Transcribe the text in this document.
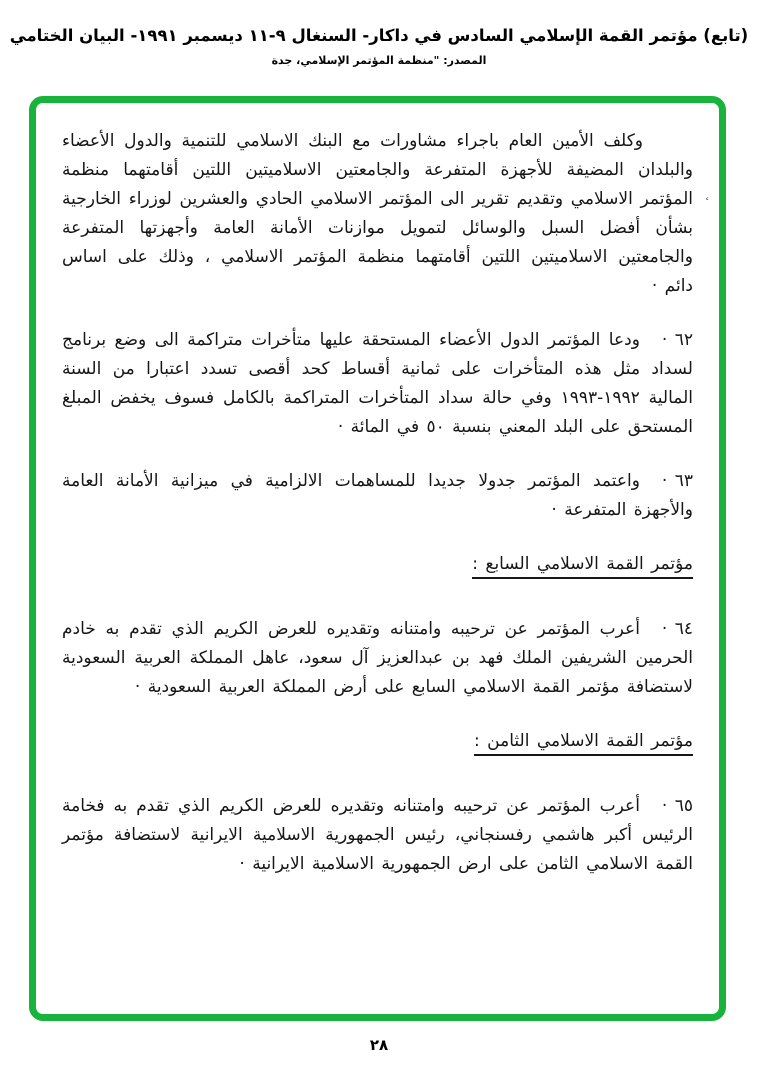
(تابع) مؤتمر القمة الإسلامي السادس في داكار- السنغال ٩-١١ ديسمبر ١٩٩١- البيان الختامي
المصدر: "منظمة المؤتمر الإسلامي، جدة
ٴ

وكلف الأمين العام باجراء مشاورات مع البنك الاسلامي للتنمية والدول الأعضاء والبلدان المضيفة للأجهزة المتفرعة والجامعتين الاسلاميتين اللتين أقامتهما منظمة المؤتمر الاسلامي وتقديم تقرير الى المؤتمر الاسلامي الحادي والعشرين لوزراء الخارجية بشأن أفضل السبل والوسائل لتمويل موازنات الأمانة العامة وأجهزتها المتفرعة والجامعتين الاسلاميتين اللتين أقامتهما منظمة المؤتمر الاسلامي ، وذلك على اساس دائم ·

٦٢ ·ودعا المؤتمر الدول الأعضاء المستحقة عليها متأخرات متراكمة الى وضع برنامج لسداد مثل هذه المتأخرات على ثمانية أقساط كحد أقصى تسدد اعتبارا من السنة المالية ١٩٩٢-١٩٩٣ وفي حالة سداد المتأخرات المتراكمة بالكامل فسوف يخفض المبلغ المستحق على البلد المعني بنسبة ٥٠ في المائة ·

٦٣ ·واعتمد المؤتمر جدولا جديدا للمساهمات الالزامية في ميزانية الأمانة العامة والأجهزة المتفرعة ·

مؤتمر القمة الاسلامي السابع :

٦٤ ·أعرب المؤتمر عن ترحيبه وامتنانه وتقديره للعرض الكريم الذي تقدم به خادم الحرمين الشريفين الملك فهد بن عبدالعزيز آل سعود، عاهل المملكة العربية السعودية لاستضافة مؤتمر القمة الاسلامي السابع على أرض المملكة العربية السعودية ·

مؤتمر القمة الاسلامي الثامن :

٦٥ ·أعرب المؤتمر عن ترحيبه وامتنانه وتقديره للعرض الكريم الذي تقدم به فخامة الرئيس أكبر هاشمي رفسنجاني، رئيس الجمهورية الاسلامية الايرانية لاستضافة مؤتمر القمة الاسلامي الثامن على ارض الجمهورية الاسلامية الايرانية ·

٢٨
